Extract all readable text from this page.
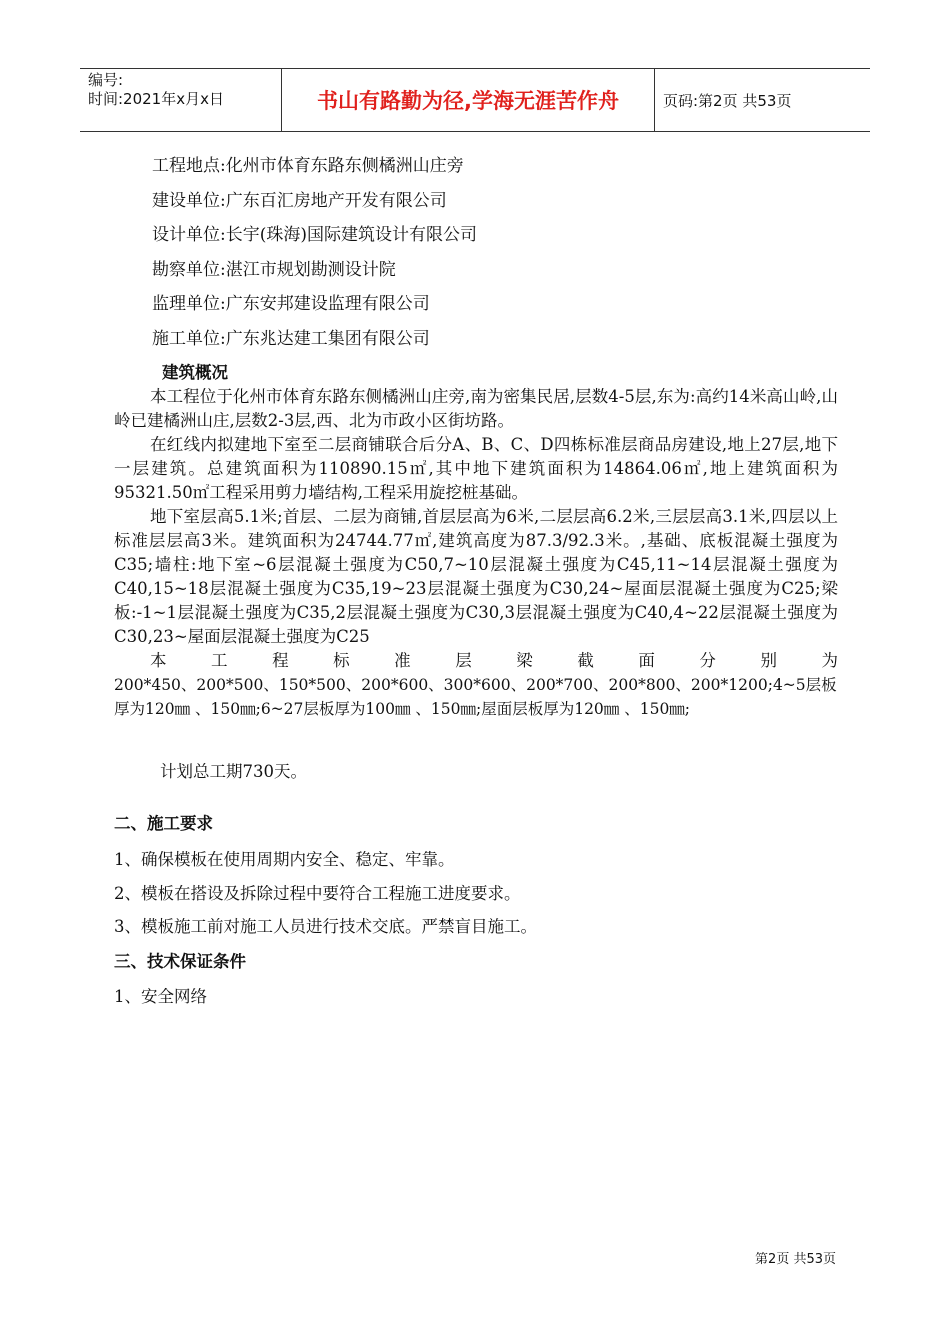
编号:
时间:2021年x月x日	书山有路勤为径,学海无涯苦作舟	页码:第2页 共53页
工程地点:化州市体育东路东侧橘洲山庄旁
建设单位:广东百汇房地产开发有限公司
设计单位:长宇(珠海)国际建筑设计有限公司
勘察单位:湛江市规划勘测设计院
监理单位:广东安邦建设监理有限公司
施工单位:广东兆达建工集团有限公司
建筑概况

本工程位于化州市体育东路东侧橘洲山庄旁,南为密集民居,层数4-5层,东为:高约14米高山岭,山岭已建橘洲山庄,层数2-3层,西、北为市政小区街坊路。

在红线内拟建地下室至二层商铺联合后分A、B、C、D四栋标准层商品房建设,地上27层,地下一层建筑。总建筑面积为110890.15㎡,其中地下建筑面积为14864.06㎡,地上建筑面积为95321.50㎡工程采用剪力墙结构,工程采用旋挖桩基础。

地下室层高5.1米;首层、二层为商铺,首层层高为6米,二层层高6.2米,三层层高3.1米,四层以上标准层层高3米。建筑面积为24744.77㎡,建筑高度为87.3/92.3米。,基础、底板混凝土强度为C35;墙柱:地下室~6层混凝土强度为C50,7~10层混凝土强度为C45,11~14层混凝土强度为C40,15~18层混凝土强度为C35,19~23层混凝土强度为C30,24~屋面层混凝土强度为C25;梁板:-1~1层混凝土强度为C35,2层混凝土强度为C30,3层混凝土强度为C40,4~22层混凝土强度为C30,23~屋面层混凝土强度为C25

本工程标准层梁截面分别为

200*450、200*500、150*500、200*600、300*600、200*700、200*800、200*1200;4~5层板

厚为120㎜ 、150㎜;6~27层板厚为100㎜ 、150㎜;屋面层板厚为120㎜ 、150㎜;

计划总工期730天。
二、施工要求
1、确保模板在使用周期内安全、稳定、牢靠。
2、模板在搭设及拆除过程中要符合工程施工进度要求。
3、模板施工前对施工人员进行技术交底。严禁盲目施工。
三、技术保证条件
1、安全网络
第2页 共53页
